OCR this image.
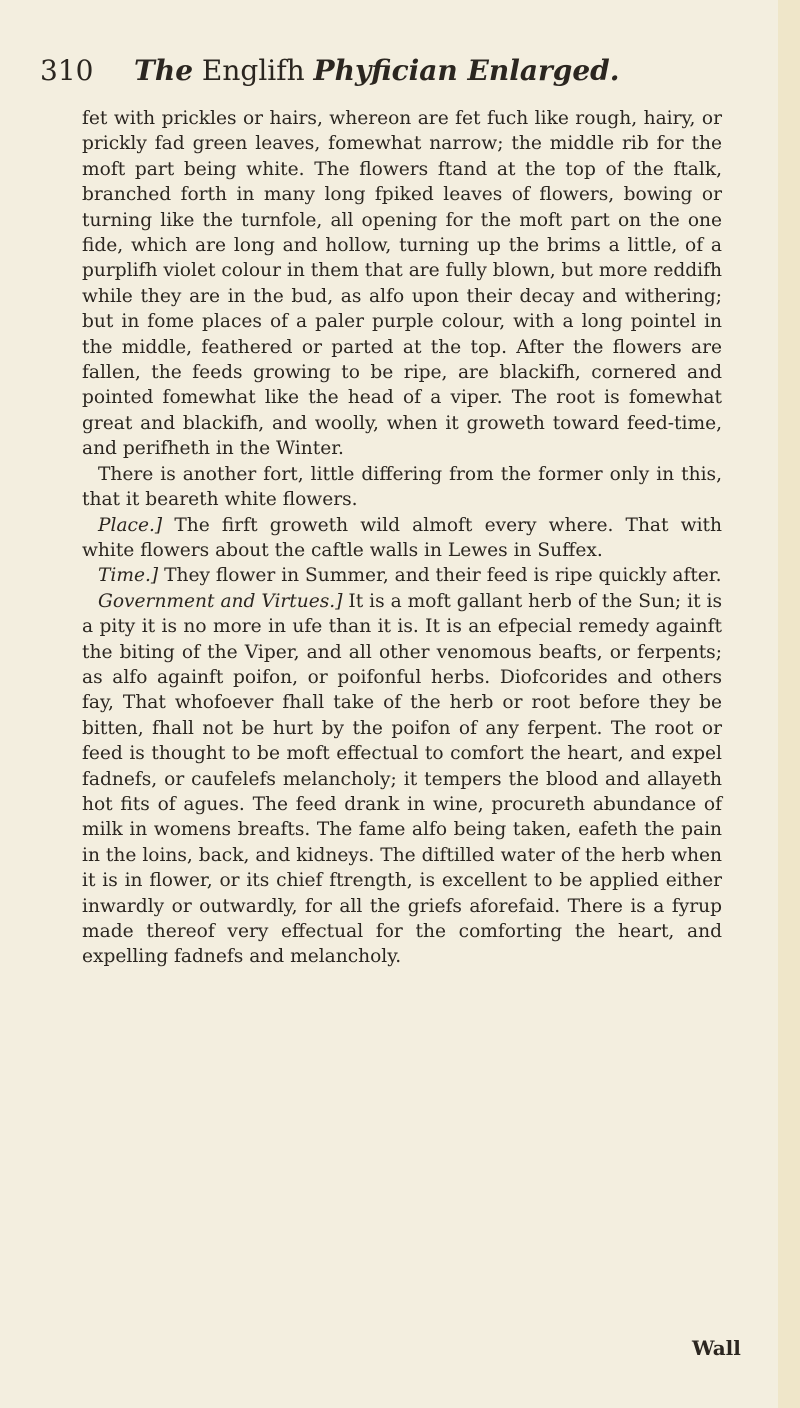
310 The Englifh Phyfician Enlarged.

fet with prickles or hairs, whereon are fet fuch like rough, hairy, or prickly fad green leaves, fomewhat narrow; the middle rib for the moft part being white. The flowers ftand at the top of the ftalk, branched forth in many long fpiked leaves of flowers, bowing or turning like the turnfole, all opening for the moft part on the one fide, which are long and hollow, turning up the brims a little, of a purplifh violet colour in them that are fully blown, but more reddifh while they are in the bud, as alfo upon their decay and withering; but in fome places of a paler purple colour, with a long pointel in the middle, feathered or parted at the top. After the flowers are fallen, the feeds growing to be ripe, are blackifh, cornered and pointed fomewhat like the head of a viper. The root is fomewhat great and blackifh, and woolly, when it groweth toward feed-time, and perifheth in the Winter.

There is another fort, little differing from the former only in this, that it beareth white flowers.

Place.] The firft groweth wild almoft every where. That with white flowers about the caftle walls in Lewes in Suffex.

Time.] They flower in Summer, and their feed is ripe quickly after.

Government and Virtues.] It is a moft gallant herb of the Sun; it is a pity it is no more in ufe than it is. It is an efpecial remedy againft the biting of the Viper, and all other venomous beafts, or ferpents; as alfo againft poifon, or poifonful herbs. Diofcorides and others fay, That whofoever fhall take of the herb or root before they be bitten, fhall not be hurt by the poifon of any ferpent. The root or feed is thought to be moft effectual to comfort the heart, and expel fadnefs, or caufelefs melancholy; it tempers the blood and allayeth hot fits of agues. The feed drank in wine, procureth abundance of milk in womens breafts. The fame alfo being taken, eafeth the pain in the loins, back, and kidneys. The diftilled water of the herb when it is in flower, or its chief ftrength, is excellent to be applied either inwardly or outwardly, for all the griefs aforefaid. There is a fyrup made thereof very effectual for the comforting the heart, and expelling fadnefs and melancholy.

Wall
